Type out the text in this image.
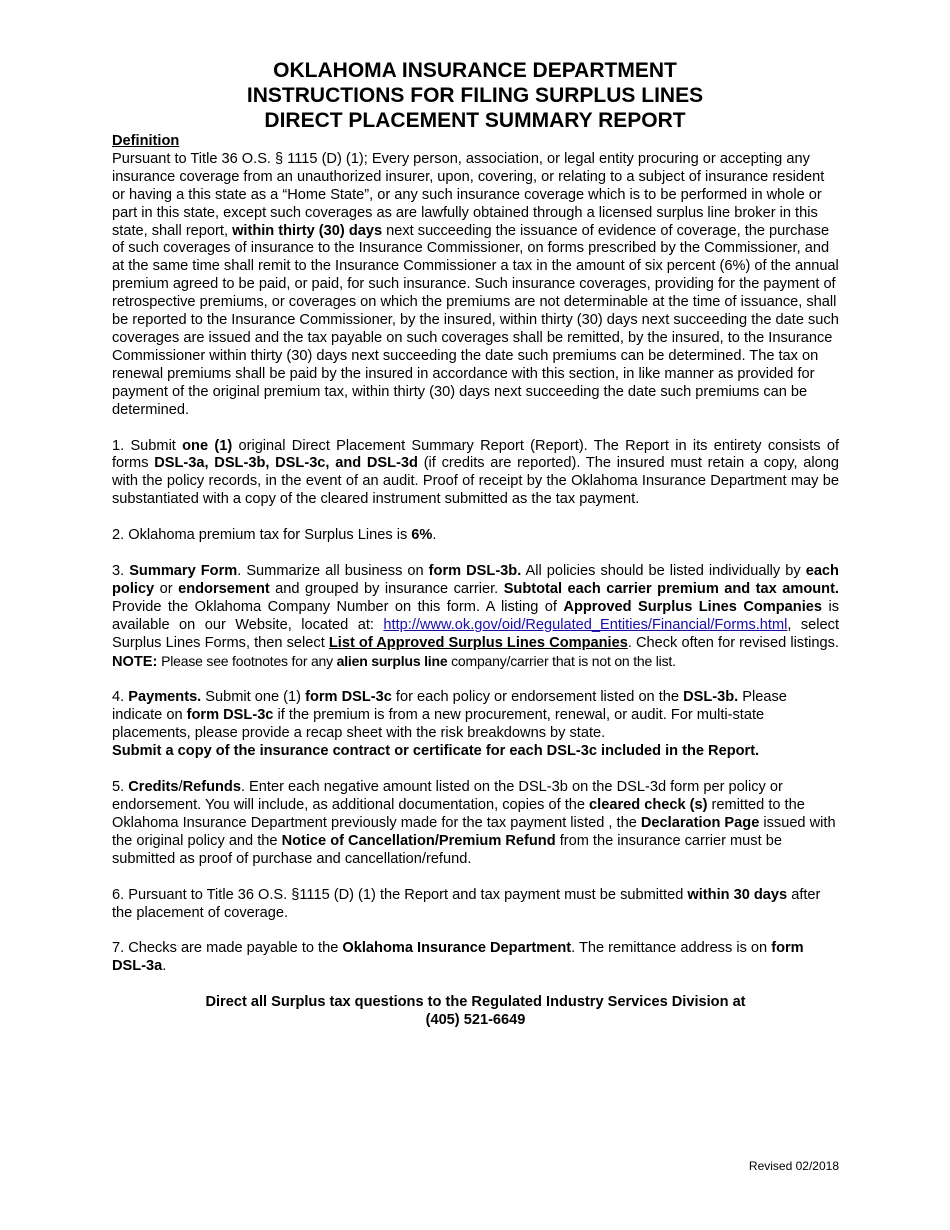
OKLAHOMA INSURANCE DEPARTMENT
INSTRUCTIONS FOR FILING SURPLUS LINES
DIRECT PLACEMENT SUMMARY REPORT
Definition

Pursuant to Title 36 O.S. § 1115 (D) (1); Every person, association, or legal entity procuring or accepting any insurance coverage from an unauthorized insurer, upon, covering, or relating to a subject of insurance resident or having a this state as a “Home State”, or any such insurance coverage which is to be performed in whole or part in this state, except such coverages as are lawfully obtained through a licensed surplus line broker in this state, shall report, within thirty (30) days next succeeding the issuance of evidence of coverage, the purchase of such coverages of insurance to the Insurance Commissioner, on forms prescribed by the Commissioner, and at the same time shall remit to the Insurance Commissioner a tax in the amount of six percent (6%) of the annual premium agreed to be paid, or paid, for such insurance. Such insurance coverages, providing for the payment of retrospective premiums, or coverages on which the premiums are not determinable at the time of issuance, shall be reported to the Insurance Commissioner, by the insured, within thirty (30) days next succeeding the date such coverages are issued and the tax payable on such coverages shall be remitted, by the insured, to the Insurance Commissioner within thirty (30) days next succeeding the date such premiums can be determined. The tax on renewal premiums shall be paid by the insured in accordance with this section, in like manner as provided for payment of the original premium tax, within thirty (30) days next succeeding the date such premiums can be determined.

1. Submit one (1) original Direct Placement Summary Report (Report). The Report in its entirety consists of forms DSL-3a, DSL-3b, DSL-3c, and DSL-3d (if credits are reported). The insured must retain a copy, along with the policy records, in the event of an audit. Proof of receipt by the Oklahoma Insurance Department may be substantiated with a copy of the cleared instrument submitted as the tax payment.

2. Oklahoma premium tax for Surplus Lines is 6%.

3. Summary Form. Summarize all business on form DSL-3b. All policies should be listed individually by each policy or endorsement and grouped by insurance carrier. Subtotal each carrier premium and tax amount. Provide the Oklahoma Company Number on this form. A listing of Approved Surplus Lines Companies is available on our Website, located at: http://www.ok.gov/oid/Regulated_Entities/Financial/Forms.html, select Surplus Lines Forms, then select List of Approved Surplus Lines Companies. Check often for revised listings. NOTE: Please see footnotes for any alien surplus line company/carrier that is not on the list.

4. Payments. Submit one (1) form DSL-3c for each policy or endorsement listed on the DSL-3b. Please indicate on form DSL-3c if the premium is from a new procurement, renewal, or audit. For multi-state placements, please provide a recap sheet with the risk breakdowns by state.
Submit a copy of the insurance contract or certificate for each DSL-3c included in the Report.

5. Credits/Refunds. Enter each negative amount listed on the DSL-3b on the DSL-3d form per policy or endorsement. You will include, as additional documentation, copies of the cleared check (s) remitted to the Oklahoma Insurance Department previously made for the tax payment listed , the Declaration Page issued with the original policy and the Notice of Cancellation/Premium Refund from the insurance carrier must be submitted as proof of purchase and cancellation/refund.

6. Pursuant to Title 36 O.S. §1115 (D) (1) the Report and tax payment must be submitted within 30 days after the placement of coverage.

7. Checks are made payable to the Oklahoma Insurance Department. The remittance address is on form DSL-3a.

Direct all Surplus tax questions to the Regulated Industry Services Division at
(405) 521-6649
Revised 02/2018
